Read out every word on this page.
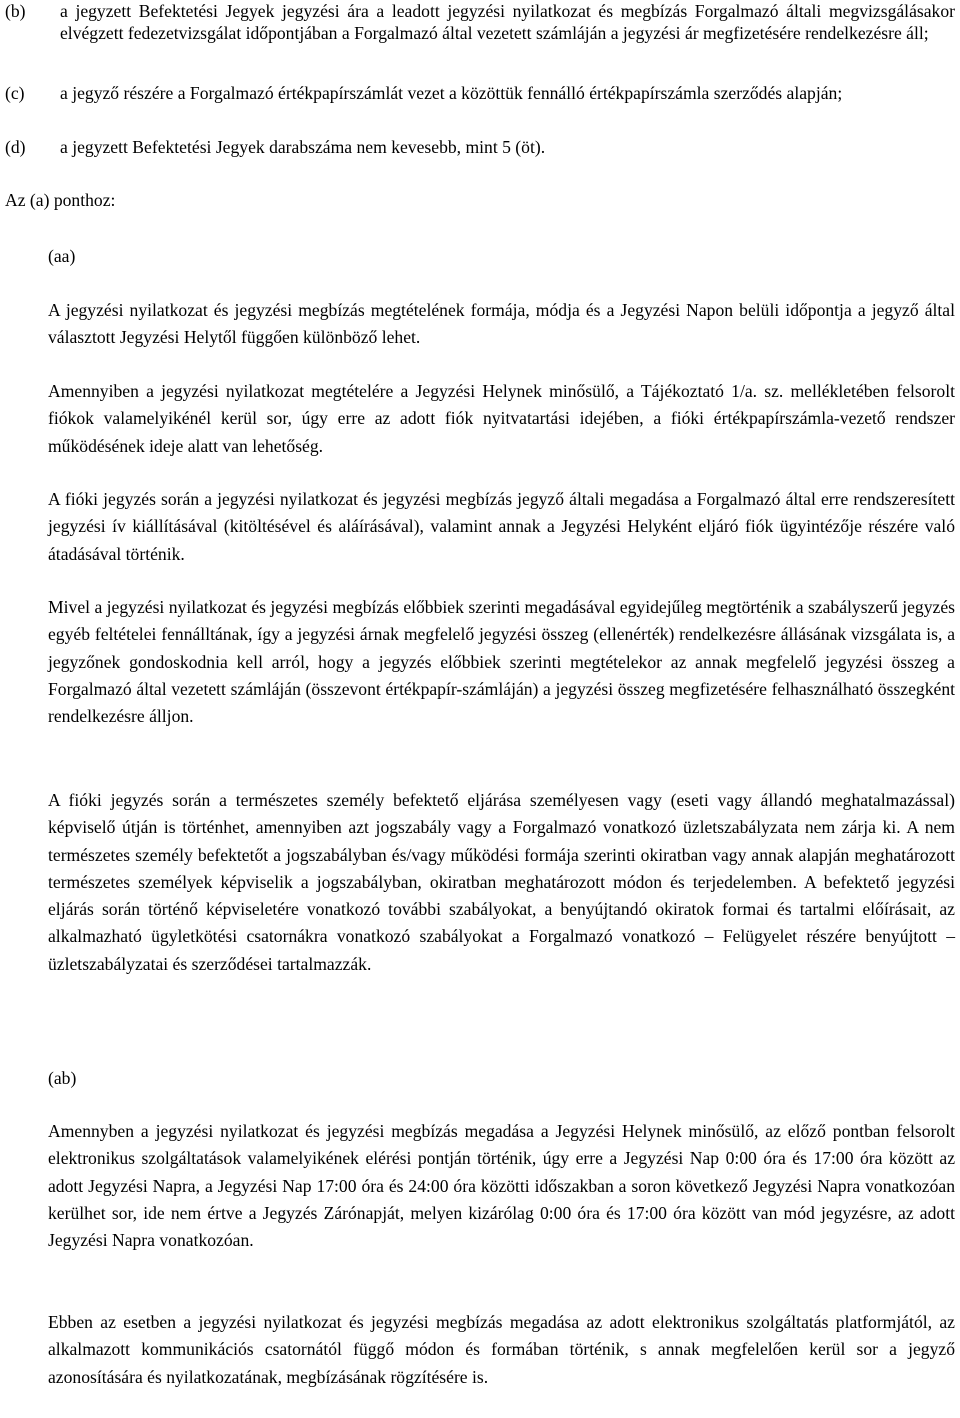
(b) a jegyzett Befektetési Jegyek jegyzési ára a leadott jegyzési nyilatkozat és megbízás Forgalmazó általi megvizsgálásakor elvégzett fedezetvizsgálat időpontjában a Forgalmazó által vezetett számláján a jegyzési ár megfizetésére rendelkezésre áll;
(c) a jegyző részére a Forgalmazó értékpapírszámlát vezet a közöttük fennálló értékpapírszámla szerződés alapján;
(d) a jegyzett Befektetési Jegyek darabszáma nem kevesebb, mint 5 (öt).
Az (a) ponthoz:
(aa)

A jegyzési nyilatkozat és jegyzési megbízás megtételének formája, módja és a Jegyzési Napon belüli időpontja a jegyző által választott Jegyzési Helytől függően különböző lehet.

Amennyiben a jegyzési nyilatkozat megtételére a Jegyzési Helynek minősülő, a Tájékoztató 1/a. sz. mellékletében felsorolt fiókok valamelyikénél kerül sor, úgy erre az adott fiók nyitvatartási idejében, a fióki értékpapírszámla-vezető rendszer működésének ideje alatt van lehetőség.

A fióki jegyzés során a jegyzési nyilatkozat és jegyzési megbízás jegyző általi megadása a Forgalmazó által erre rendszeresített jegyzési ív kiállításával (kitöltésével és aláírásával), valamint annak a Jegyzési Helyként eljáró fiók ügyintézője részére való átadásával történik.

Mivel a jegyzési nyilatkozat és jegyzési megbízás előbbiek szerinti megadásával egyidejűleg megtörténik a szabályszerű jegyzés egyéb feltételei fennálltának, így a jegyzési árnak megfelelő jegyzési összeg (ellenérték) rendelkezésre állásának vizsgálata is, a jegyzőnek gondoskodnia kell arról, hogy a jegyzés előbbiek szerinti megtételekor az annak megfelelő jegyzési összeg a Forgalmazó által vezetett számláján (összevont értékpapír-számláján) a jegyzési összeg megfizetésére felhasználható összegként rendelkezésre álljon.

A fióki jegyzés során a természetes személy befektető eljárása személyesen vagy (eseti vagy állandó meghatalmazással) képviselő útján is történhet, amennyiben azt jogszabály vagy a Forgalmazó vonatkozó üzletszabályzata nem zárja ki. A nem természetes személy befektetőt a jogszabályban és/vagy működési formája szerinti okiratban vagy annak alapján meghatározott természetes személyek képviselik a jogszabályban, okiratban meghatározott módon és terjedelemben. A befektető jegyzési eljárás során történő képviseletére vonatkozó további szabályokat, a benyújtandó okiratok formai és tartalmi előírásait, az alkalmazható ügyletkötési csatornákra vonatkozó szabályokat a Forgalmazó vonatkozó – Felügyelet részére benyújtott – üzletszabályzatai és szerződései tartalmazzák.

(ab)

Amennyben a jegyzési nyilatkozat és jegyzési megbízás megadása a Jegyzési Helynek minősülő, az előző pontban felsorolt elektronikus szolgáltatások valamelyikének elérési pontján történik, úgy erre a Jegyzési Nap 0:00 óra és 17:00 óra között az adott Jegyzési Napra, a Jegyzési Nap 17:00 óra és 24:00 óra közötti időszakban a soron következő Jegyzési Napra vonatkozóan kerülhet sor, ide nem értve a Jegyzés Zárónapját, melyen kizárólag 0:00 óra és 17:00 óra között van mód jegyzésre, az adott Jegyzési Napra vonatkozóan.

Ebben az esetben a jegyzési nyilatkozat és jegyzési megbízás megadása az adott elektronikus szolgáltatás platformjától, az alkalmazott kommunikációs csatornától függő módon és formában történik, s annak megfelelően kerül sor a jegyző azonosítására és nyilatkozatának, megbízásának rögzítésére is.
